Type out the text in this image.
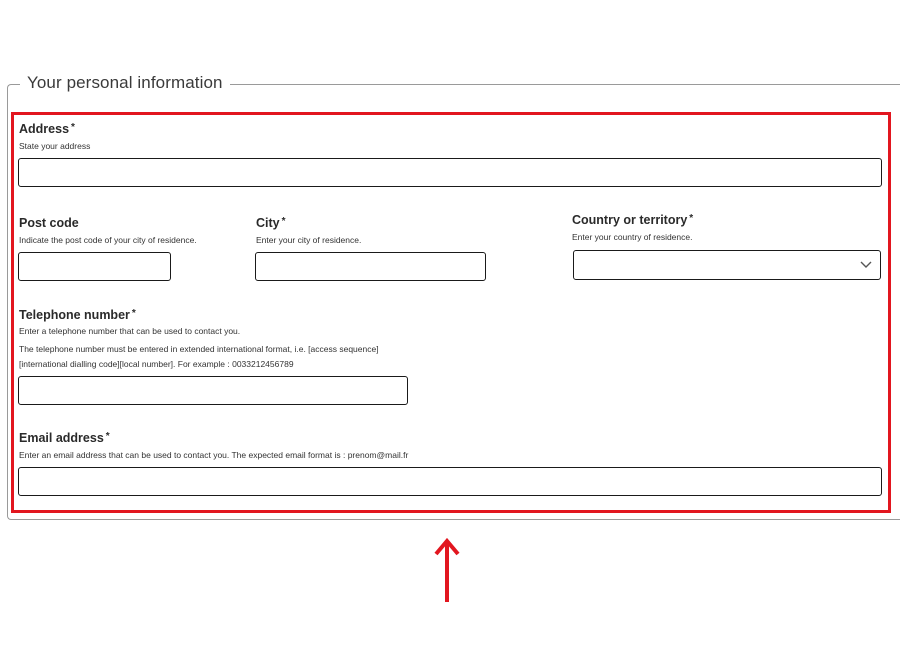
Your personal information
Address *
State your address
Post code
Indicate the post code of your city of residence.
City *
Enter your city of residence.
Country or territory *
Enter your country of residence.
Telephone number *
Enter a telephone number that can be used to contact you.
The telephone number must be entered in extended international format, i.e. [access sequence]
[international dialling code][local number]. For example : 0033212456789
Email address *
Enter an email address that can be used to contact you. The expected email format is : prenom@mail.fr
